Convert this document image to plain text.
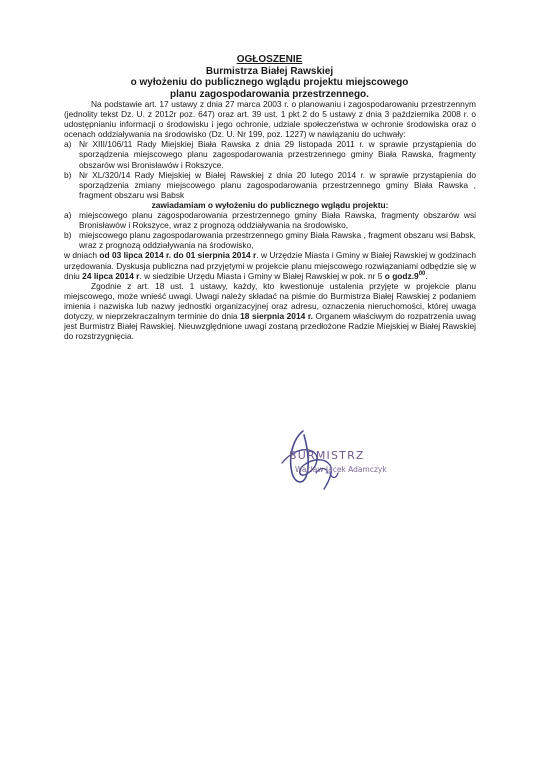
OGŁOSZENIE
Burmistrza Białej Rawskiej
o wyłożeniu do publicznego wglądu projektu miejscowego
planu zagospodarowania przestrzennego.

Na podstawie art. 17 ustawy z dnia 27 marca 2003 r. o planowaniu i zagospodarowaniu przestrzennym (jednolity tekst Dz. U. z 2012r poz. 647) oraz art. 39 ust. 1 pkt 2 do 5 ustawy z dnia 3 października 2008 r. o udostępnianiu informacji o środowisku i jego ochronie, udziale społeczeństwa w ochronie środowiska oraz o ocenach oddziaływania na środowisko (Dz. U. Nr 199, poz. 1227) w nawiązaniu do uchwały:

a) Nr XIII/106/11 Rady Miejskiej Biała Rawska z dnia 29 listopada 2011 r. w sprawie przystąpienia do sporządzenia miejscowego planu zagospodarowania przestrzennego gminy Biała Rawska, fragmenty obszarów wsi Bronisławów i Rokszyce.
b) Nr XL/320/14 Rady Miejskiej w Białej Rawskiej z dnia 20 lutego 2014 r. w sprawie przystąpienia do sporządzenia zmiany miejscowego planu zagospodarowania przestrzennego gminy Biała Rawska , fragment obszaru wsi Babsk

zawiadamiam o wyłożeniu do publicznego wglądu projektu:

a) miejscowego planu zagospodarowania przestrzennego gminy Biała Rawska, fragmenty obszarów wsi Bronisławów i Rokszyce, wraz z prognozą oddziaływania na środowisko,
b) miejscowego planu zagospodarowania przestrzennego gminy Biała Rawska , fragment obszaru wsi Babsk, wraz z prognozą oddziaływania na środowisko,

w dniach od 03 lipca 2014 r. do 01 sierpnia 2014 r. w Urzędzie Miasta i Gminy w Białej Rawskiej w godzinach urzędowania. Dyskusja publiczna nad przyjętymi w projekcie planu miejscowego rozwiązaniami odbędzie się w dniu 24 lipca 2014 r. w siedzibie Urzędu Miasta i Gminy w Białej Rawskiej w pok. nr 5 o $godz.9^{00}$.

Zgodnie z art. 18 ust. 1 ustawy, każdy, kto kwestionuje ustalenia przyjęte w projekcie planu miejscowego, może wnieść uwagi. Uwagi należy składać na piśmie do Burmistrza Białej Rawskiej z podaniem imienia i nazwiska lub nazwy jednostki organizacyjnej oraz adresu, oznaczenia nieruchomości, której uwaga dotyczy, w nieprzekraczalnym terminie do dnia 18 sierpnia 2014 r. Organem właściwym do rozpatrzenia uwag jest Burmistrz Białej Rawskiej. Nieuwzględnione uwagi zostaną przedłożone Radzie Miejskiej w Białej Rawskiej do rozstrzygnięcia.

BURMISTRZ
Wacław Jacek Adamczyk
